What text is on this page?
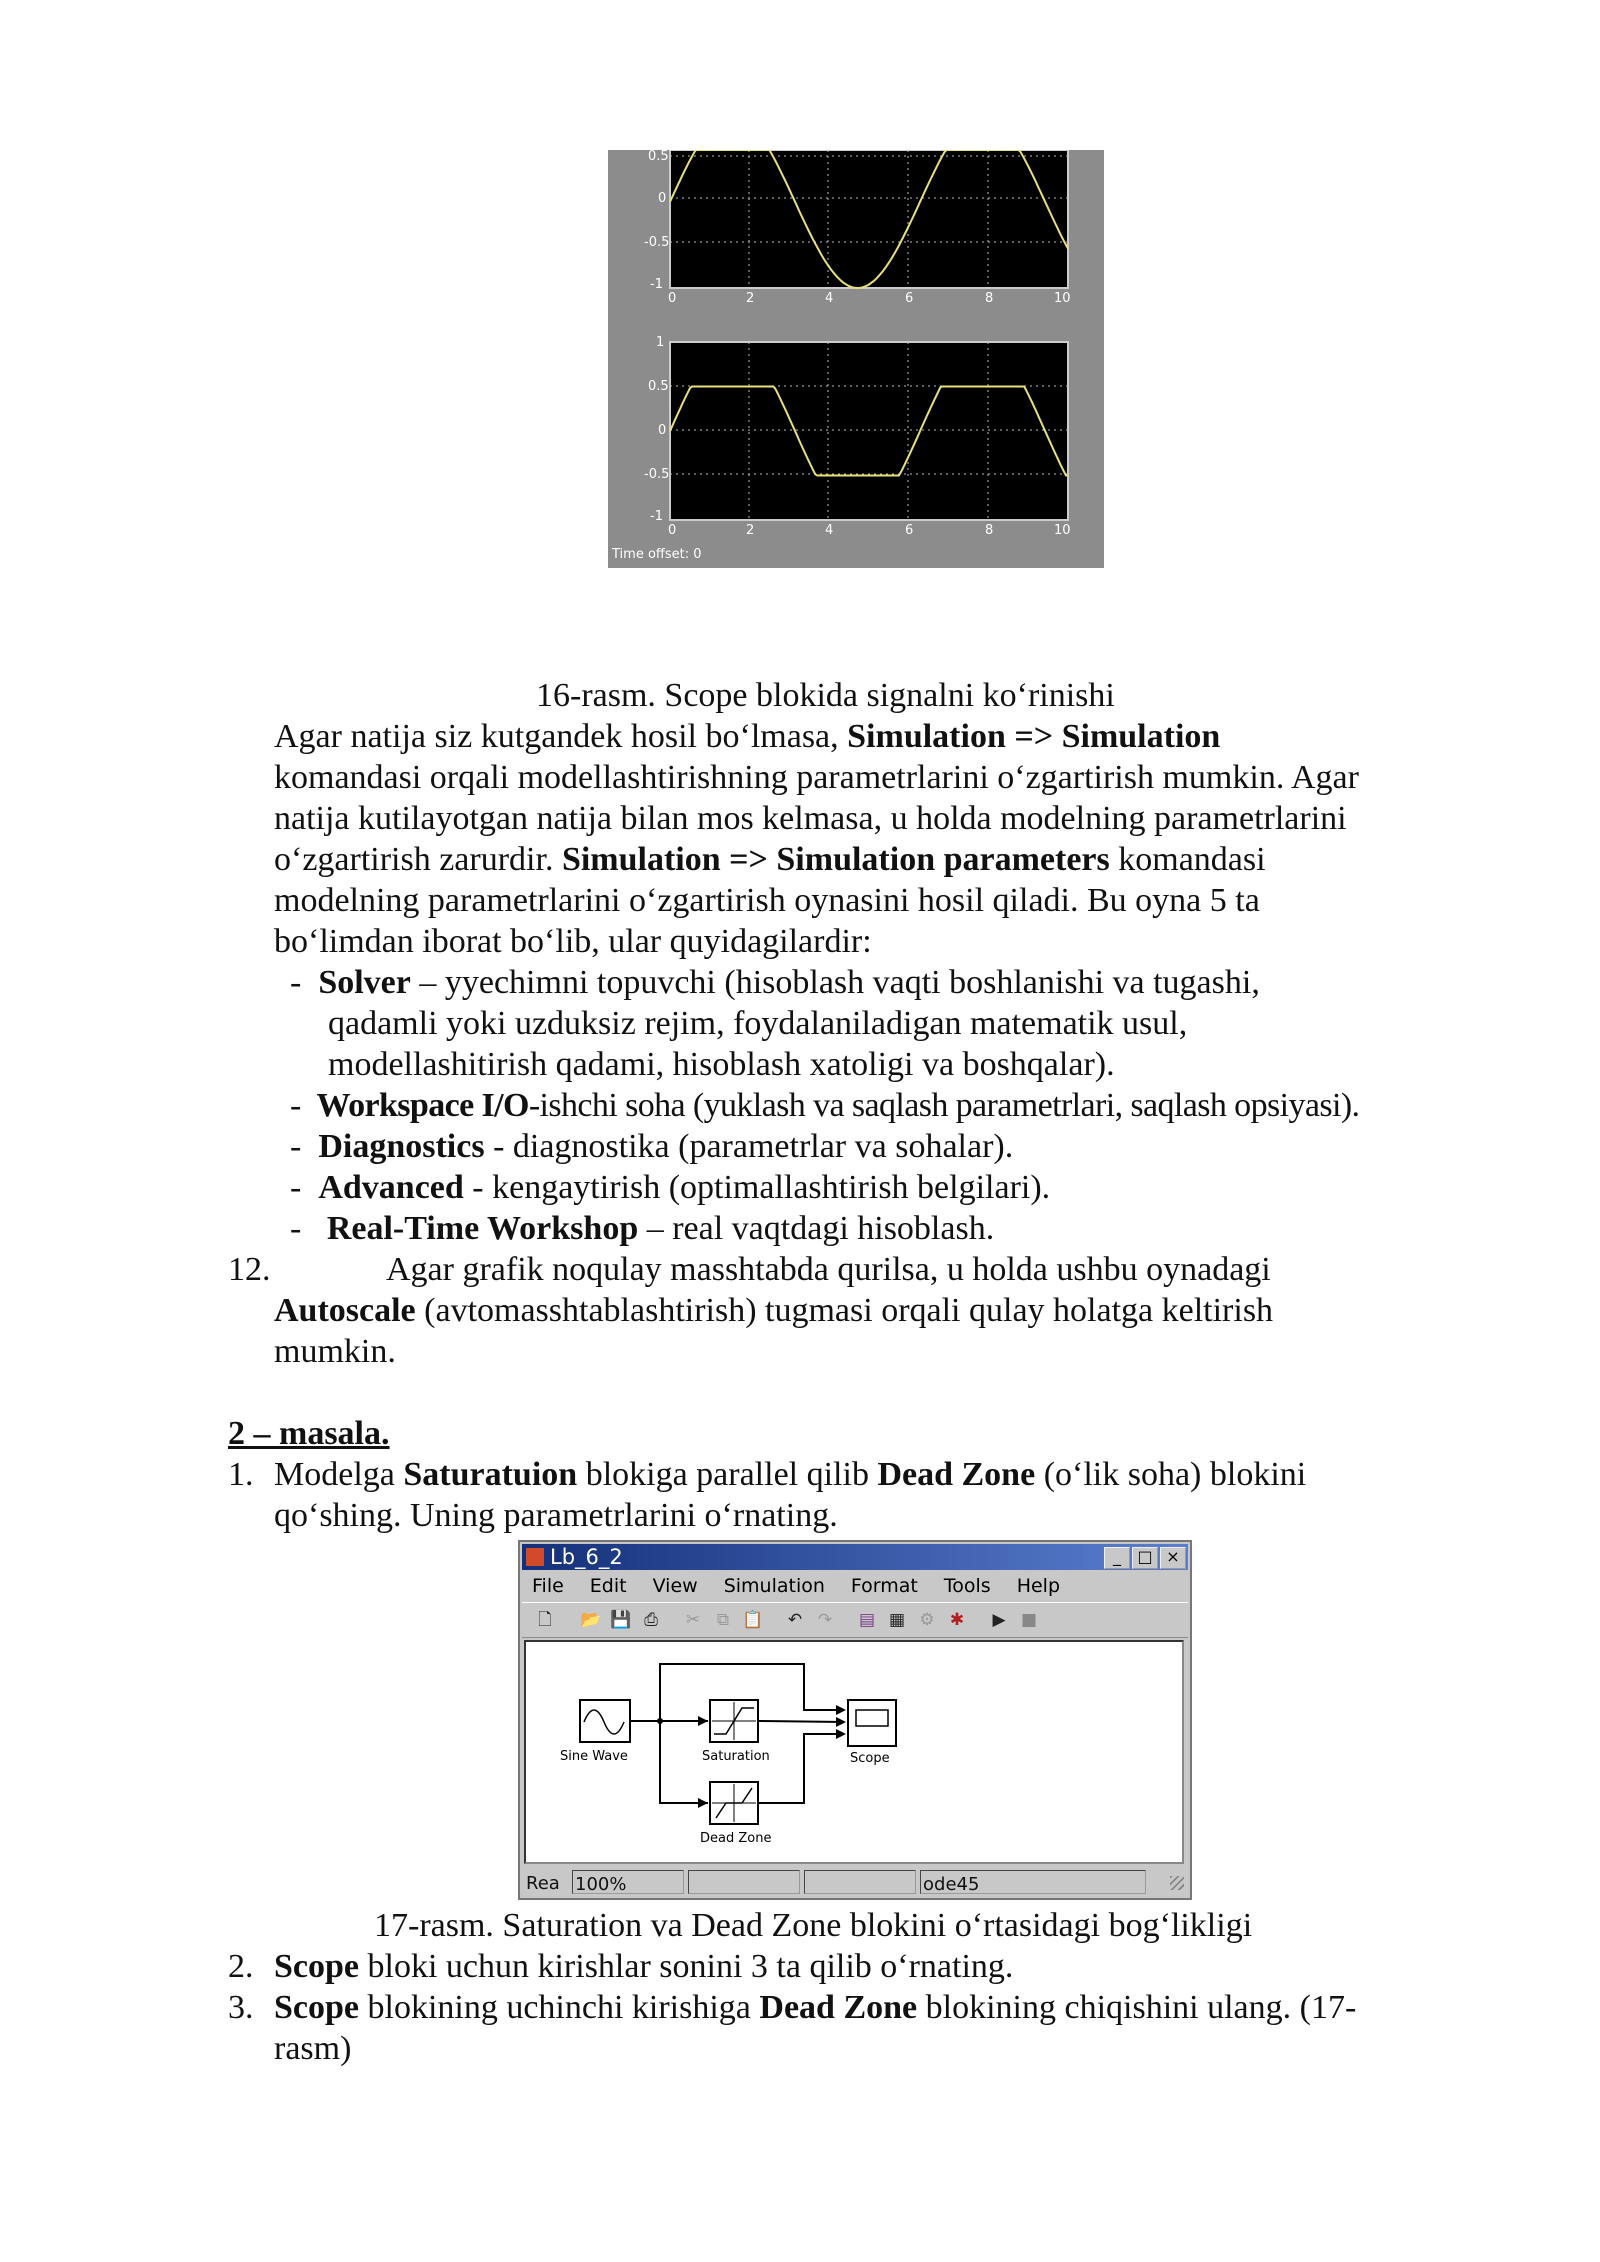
0.5
0
-0.5
-1
0	2	4	6	8	10
1
0.5
0
-0.5
-1
0	2	4	6	8	10
Time offset: 0
16-rasm. Scope blokida signalni ko‘rinishi
Agar natija siz kutgandek hosil bo‘lmasa, Simulation => Simulation
komandasi orqali modellashtirishning parametrlarini o‘zgartirish mumkin. Agar
natija kutilayotgan natija bilan mos kelmasa, u holda modelning parametrlarini
o‘zgartirish zarurdir. Simulation => Simulation parameters komandasi
modelning parametrlarini o‘zgartirish oynasini hosil qiladi. Bu oyna 5 ta
bo‘limdan iborat bo‘lib, ular quyidagilardir:
- Solver – yyechimni topuvchi (hisoblash vaqti boshlanishi va tugashi,
qadamli yoki uzduksiz rejim, foydalaniladigan matematik usul,
modellashitirish qadami, hisoblash xatoligi va boshqalar).
- Workspace I/O-ishchi soha (yuklash va saqlash parametrlari, saqlash opsiyasi).
- Diagnostics - diagnostika (parametrlar va sohalar).
- Advanced - kengaytirish (optimallashtirish belgilari).
- Real-Time Workshop – real vaqtdagi hisoblash.
12.	Agar grafik noqulay masshtabda qurilsa, u holda ushbu oynadagi
Autoscale (avtomasshtablashtirish) tugmasi orqali qulay holatga keltirish
mumkin.
2 – masala.
1. Modelga Saturatuion blokiga parallel qilib Dead Zone (o‘lik soha) blokini
qo‘shing. Uning parametrlarini o‘rnating.
Lb_6_2	_	□ ×
File Edit View Simulation Format Tools Help
🗋 📂 💾 ⎙ ✂ ⧉ 📋 ↶ ↷ ▤ ▦ ⚙ ✱ ▶ ■
Sine Wave	Saturation
Dead Zone
Scope
Rea 100%	ode45
17-rasm. Saturation va Dead Zone blokini o‘rtasidagi bog‘likligi
2. Scope bloki uchun kirishlar sonini 3 ta qilib o‘rnating.
3. Scope blokining uchinchi kirishiga Dead Zone blokining chiqishini ulang. (17-
rasm)
